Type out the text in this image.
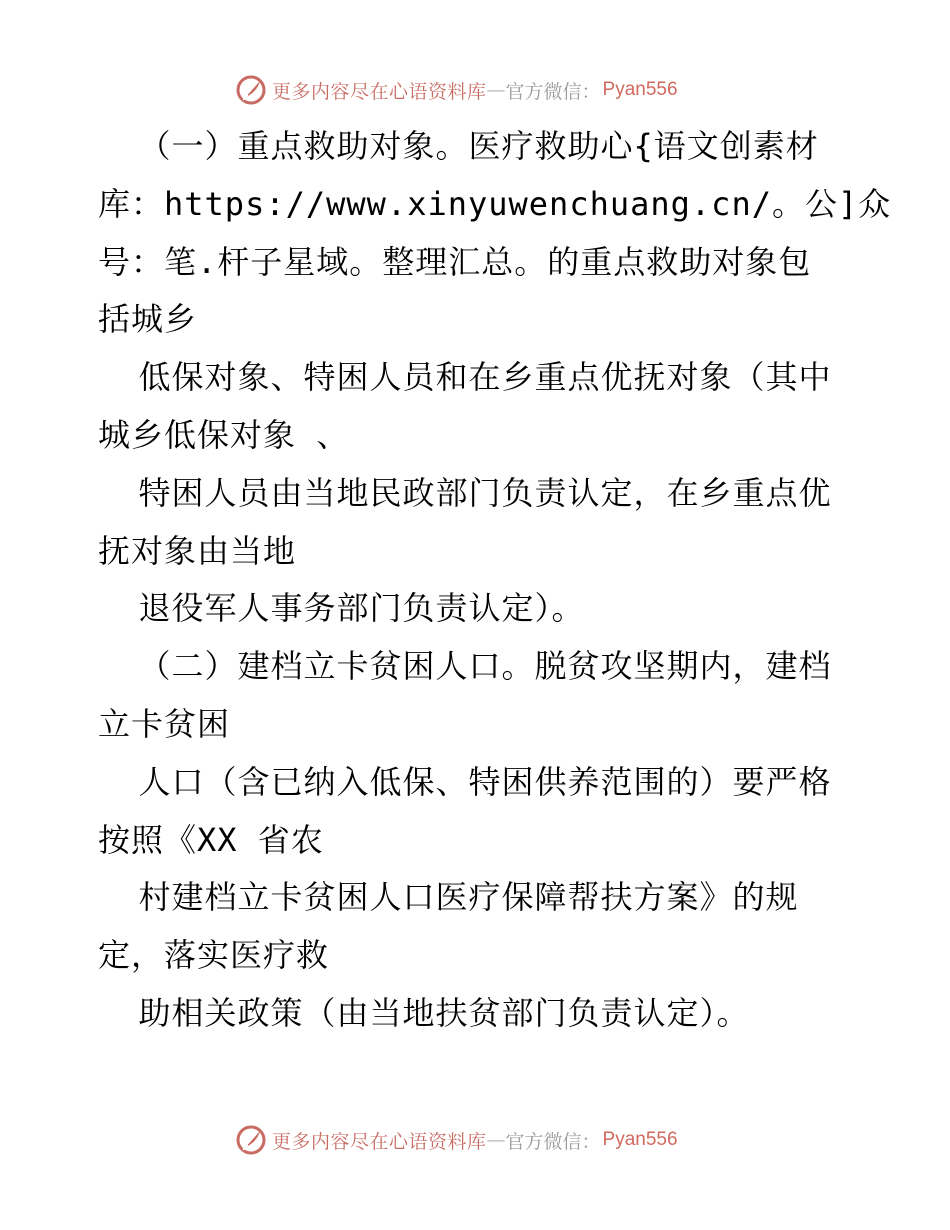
更多内容尽在心语资料库 — 官方微信： Pyan556
（一）重点救助对象。医疗救助心{语文创素材
库：https://www.xinyuwenchuang.cn/。公]众
号：笔.杆子星域。整理汇总。的重点救助对象包
括城乡
低保对象、特困人员和在乡重点优抚对象（其中
城乡低保对象 、
特困人员由当地民政部门负责认定，在乡重点优
抚对象由当地
退役军人事务部门负责认定）。
（二）建档立卡贫困人口。脱贫攻坚期内，建档
立卡贫困
人口（含已纳入低保、特困供养范围的）要严格
按照《XX 省农
村建档立卡贫困人口医疗保障帮扶方案》的规
定，落实医疗救
助相关政策（由当地扶贫部门负责认定）。
更多内容尽在心语资料库 — 官方微信： Pyan556
